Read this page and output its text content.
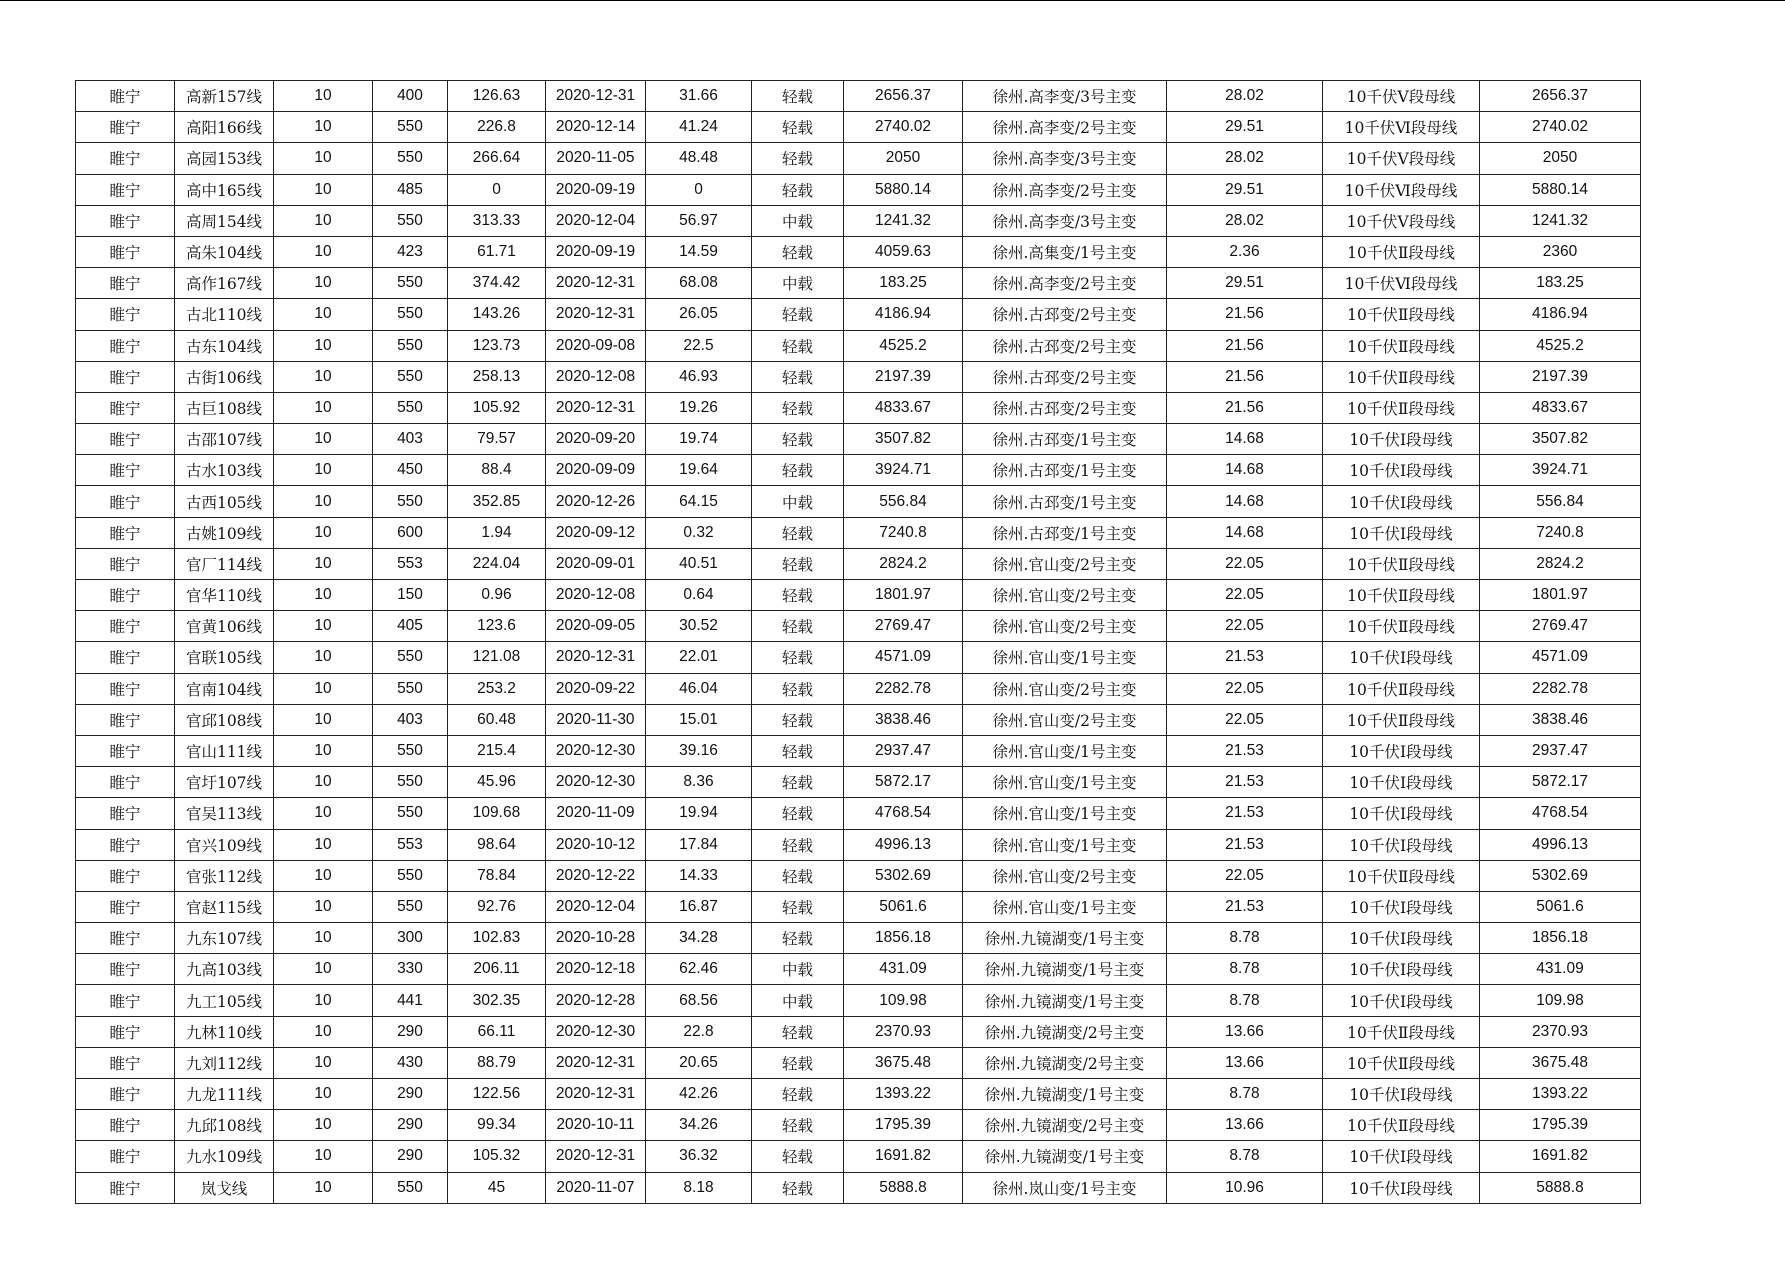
睢宁	高新157线	10	400	126.63	2020-12-31	31.66	轻载	2656.37	徐州.高李变/3号主变	28.02	10千伏Ⅴ段母线	2656.37
睢宁	高阳166线	10	550	226.8	2020-12-14	41.24	轻载	2740.02	徐州.高李变/2号主变	29.51	10千伏Ⅵ段母线	2740.02
睢宁	高园153线	10	550	266.64	2020-11-05	48.48	轻载	2050	徐州.高李变/3号主变	28.02	10千伏Ⅴ段母线	2050
睢宁	高中165线	10	485	0	2020-09-19	0	轻载	5880.14	徐州.高李变/2号主变	29.51	10千伏Ⅵ段母线	5880.14
睢宁	高周154线	10	550	313.33	2020-12-04	56.97	中载	1241.32	徐州.高李变/3号主变	28.02	10千伏Ⅴ段母线	1241.32
睢宁	高朱104线	10	423	61.71	2020-09-19	14.59	轻载	4059.63	徐州.高集变/1号主变	2.36	10千伏Ⅱ段母线	2360
睢宁	高作167线	10	550	374.42	2020-12-31	68.08	中载	183.25	徐州.高李变/2号主变	29.51	10千伏Ⅵ段母线	183.25
睢宁	古北110线	10	550	143.26	2020-12-31	26.05	轻载	4186.94	徐州.古邳变/2号主变	21.56	10千伏Ⅱ段母线	4186.94
睢宁	古东104线	10	550	123.73	2020-09-08	22.5	轻载	4525.2	徐州.古邳变/2号主变	21.56	10千伏Ⅱ段母线	4525.2
睢宁	古街106线	10	550	258.13	2020-12-08	46.93	轻载	2197.39	徐州.古邳变/2号主变	21.56	10千伏Ⅱ段母线	2197.39
睢宁	古巨108线	10	550	105.92	2020-12-31	19.26	轻载	4833.67	徐州.古邳变/2号主变	21.56	10千伏Ⅱ段母线	4833.67
睢宁	古邵107线	10	403	79.57	2020-09-20	19.74	轻载	3507.82	徐州.古邳变/1号主变	14.68	10千伏Ⅰ段母线	3507.82
睢宁	古水103线	10	450	88.4	2020-09-09	19.64	轻载	3924.71	徐州.古邳变/1号主变	14.68	10千伏Ⅰ段母线	3924.71
睢宁	古西105线	10	550	352.85	2020-12-26	64.15	中载	556.84	徐州.古邳变/1号主变	14.68	10千伏Ⅰ段母线	556.84
睢宁	古姚109线	10	600	1.94	2020-09-12	0.32	轻载	7240.8	徐州.古邳变/1号主变	14.68	10千伏Ⅰ段母线	7240.8
睢宁	官厂114线	10	553	224.04	2020-09-01	40.51	轻载	2824.2	徐州.官山变/2号主变	22.05	10千伏Ⅱ段母线	2824.2
睢宁	官华110线	10	150	0.96	2020-12-08	0.64	轻载	1801.97	徐州.官山变/2号主变	22.05	10千伏Ⅱ段母线	1801.97
睢宁	官黄106线	10	405	123.6	2020-09-05	30.52	轻载	2769.47	徐州.官山变/2号主变	22.05	10千伏Ⅱ段母线	2769.47
睢宁	官联105线	10	550	121.08	2020-12-31	22.01	轻载	4571.09	徐州.官山变/1号主变	21.53	10千伏Ⅰ段母线	4571.09
睢宁	官南104线	10	550	253.2	2020-09-22	46.04	轻载	2282.78	徐州.官山变/2号主变	22.05	10千伏Ⅱ段母线	2282.78
睢宁	官邱108线	10	403	60.48	2020-11-30	15.01	轻载	3838.46	徐州.官山变/2号主变	22.05	10千伏Ⅱ段母线	3838.46
睢宁	官山111线	10	550	215.4	2020-12-30	39.16	轻载	2937.47	徐州.官山变/1号主变	21.53	10千伏Ⅰ段母线	2937.47
睢宁	官圩107线	10	550	45.96	2020-12-30	8.36	轻载	5872.17	徐州.官山变/1号主变	21.53	10千伏Ⅰ段母线	5872.17
睢宁	官吴113线	10	550	109.68	2020-11-09	19.94	轻载	4768.54	徐州.官山变/1号主变	21.53	10千伏Ⅰ段母线	4768.54
睢宁	官兴109线	10	553	98.64	2020-10-12	17.84	轻载	4996.13	徐州.官山变/1号主变	21.53	10千伏Ⅰ段母线	4996.13
睢宁	官张112线	10	550	78.84	2020-12-22	14.33	轻载	5302.69	徐州.官山变/2号主变	22.05	10千伏Ⅱ段母线	5302.69
睢宁	官赵115线	10	550	92.76	2020-12-04	16.87	轻载	5061.6	徐州.官山变/1号主变	21.53	10千伏Ⅰ段母线	5061.6
睢宁	九东107线	10	300	102.83	2020-10-28	34.28	轻载	1856.18	徐州.九镜湖变/1号主变	8.78	10千伏Ⅰ段母线	1856.18
睢宁	九高103线	10	330	206.11	2020-12-18	62.46	中载	431.09	徐州.九镜湖变/1号主变	8.78	10千伏Ⅰ段母线	431.09
睢宁	九工105线	10	441	302.35	2020-12-28	68.56	中载	109.98	徐州.九镜湖变/1号主变	8.78	10千伏Ⅰ段母线	109.98
睢宁	九林110线	10	290	66.11	2020-12-30	22.8	轻载	2370.93	徐州.九镜湖变/2号主变	13.66	10千伏Ⅱ段母线	2370.93
睢宁	九刘112线	10	430	88.79	2020-12-31	20.65	轻载	3675.48	徐州.九镜湖变/2号主变	13.66	10千伏Ⅱ段母线	3675.48
睢宁	九龙111线	10	290	122.56	2020-12-31	42.26	轻载	1393.22	徐州.九镜湖变/1号主变	8.78	10千伏Ⅰ段母线	1393.22
睢宁	九邱108线	10	290	99.34	2020-10-11	34.26	轻载	1795.39	徐州.九镜湖变/2号主变	13.66	10千伏Ⅱ段母线	1795.39
睢宁	九水109线	10	290	105.32	2020-12-31	36.32	轻载	1691.82	徐州.九镜湖变/1号主变	8.78	10千伏Ⅰ段母线	1691.82
睢宁	岚戈线	10	550	45	2020-11-07	8.18	轻载	5888.8	徐州.岚山变/1号主变	10.96	10千伏Ⅰ段母线	5888.8
